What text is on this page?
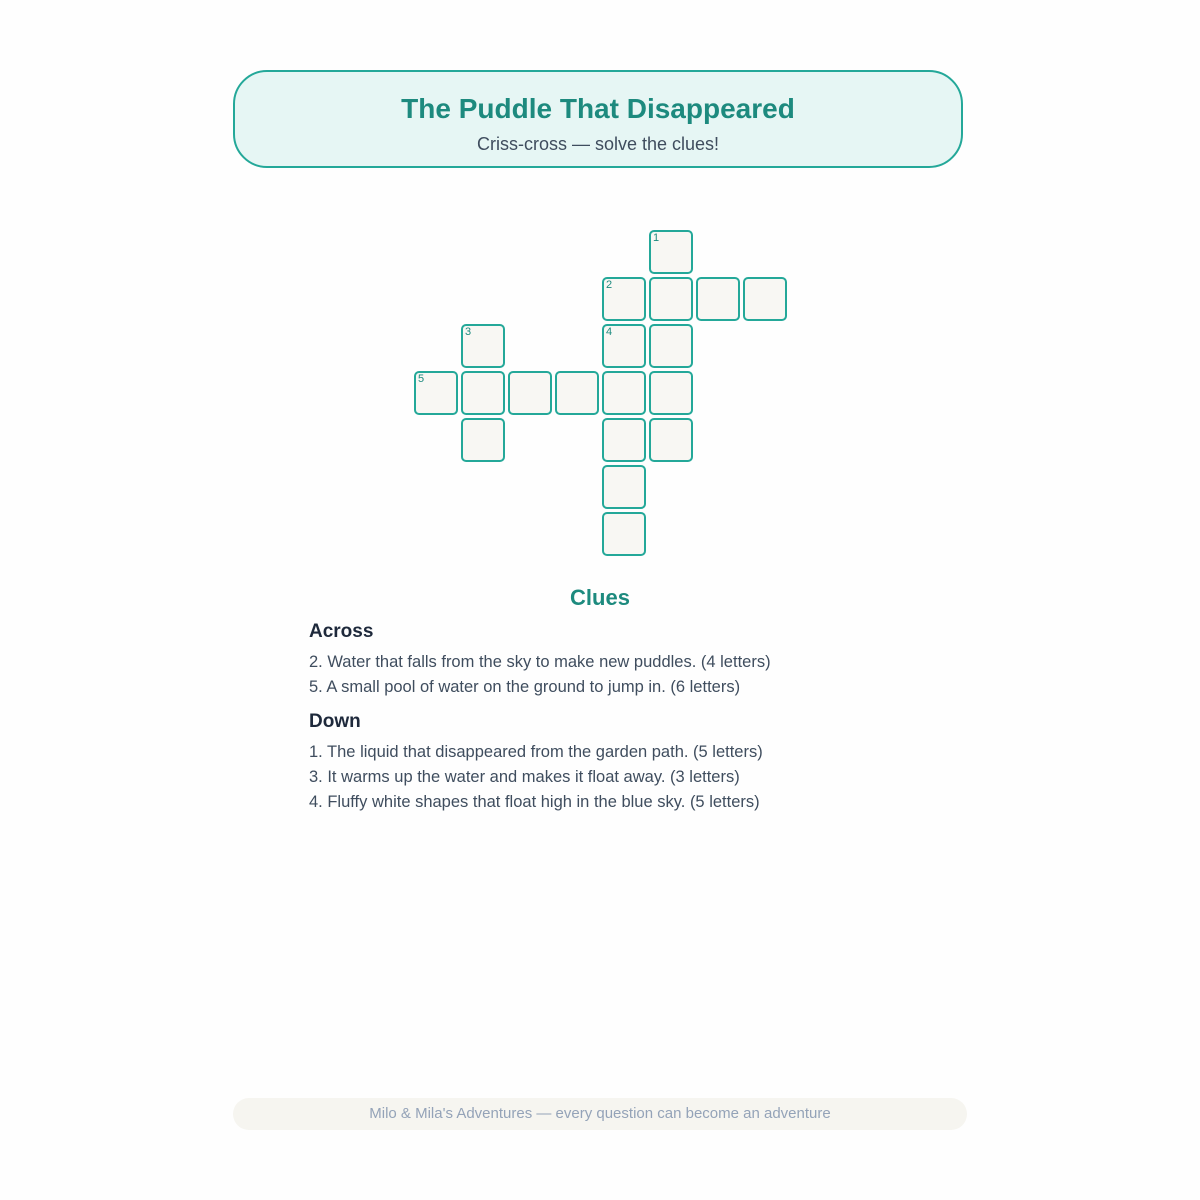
The Puddle That Disappeared
Criss-cross — solve the clues!
1
2
3	4
5
Clues
Across
2. Water that falls from the sky to make new puddles. (4 letters)
5. A small pool of water on the ground to jump in. (6 letters)
Down
1. The liquid that disappeared from the garden path. (5 letters)
3. It warms up the water and makes it float away. (3 letters)
4. Fluffy white shapes that float high in the blue sky. (5 letters)
Milo & Mila's Adventures — every question can become an adventure
